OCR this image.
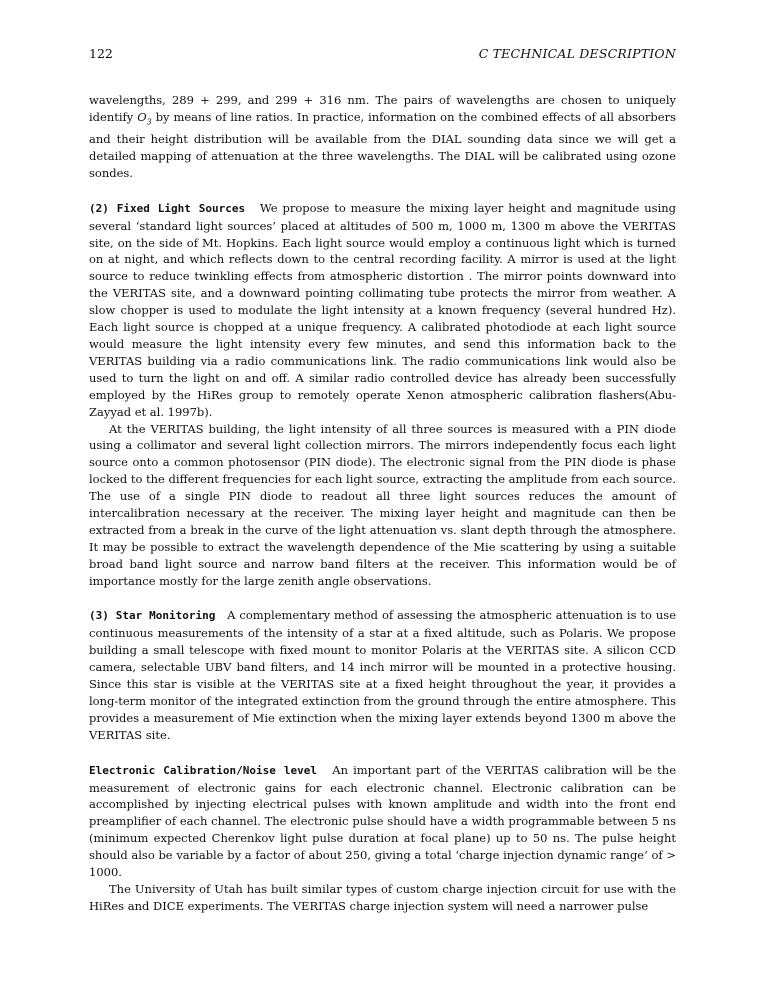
122	C TECHNICAL DESCRIPTION

wavelengths, 289 + 299, and 299 + 316 nm. The pairs of wavelengths are chosen to uniquely identify $O_3$ by means of line ratios. In practice, information on the combined effects of all absorbers and their height distribution will be available from the DIAL sounding data since we will get a detailed mapping of attenuation at the three wavelengths. The DIAL will be calibrated using ozone sondes.

(2) Fixed Light Sources We propose to measure the mixing layer height and magnitude using several ‘standard light sources’ placed at altitudes of 500 m, 1000 m, 1300 m above the VERITAS site, on the side of Mt. Hopkins. Each light source would employ a continuous light which is turned on at night, and which reflects down to the central recording facility. A mirror is used at the light source to reduce twinkling effects from atmospheric distortion . The mirror points downward into the VERITAS site, and a downward pointing collimating tube protects the mirror from weather. A slow chopper is used to modulate the light intensity at a known frequency (several hundred Hz). Each light source is chopped at a unique frequency. A calibrated photodiode at each light source would measure the light intensity every few minutes, and send this information back to the VERITAS building via a radio communications link. The radio communications link would also be used to turn the light on and off. A similar radio controlled device has already been successfully employed by the HiRes group to remotely operate Xenon atmospheric calibration flashers(Abu-Zayyad et al. 1997b).

At the VERITAS building, the light intensity of all three sources is measured with a PIN diode using a collimator and several light collection mirrors. The mirrors independently focus each light source onto a common photosensor (PIN diode). The electronic signal from the PIN diode is phase locked to the different frequencies for each light source, extracting the amplitude from each source. The use of a single PIN diode to readout all three light sources reduces the amount of intercalibration necessary at the receiver. The mixing layer height and magnitude can then be extracted from a break in the curve of the light attenuation vs. slant depth through the atmosphere. It may be possible to extract the wavelength dependence of the Mie scattering by using a suitable broad band light source and narrow band filters at the receiver. This information would be of importance mostly for the large zenith angle observations.

(3) Star Monitoring A complementary method of assessing the atmospheric attenuation is to use continuous measurements of the intensity of a star at a fixed altitude, such as Polaris. We propose building a small telescope with fixed mount to monitor Polaris at the VERITAS site. A silicon CCD camera, selectable UBV band filters, and 14 inch mirror will be mounted in a protective housing. Since this star is visible at the VERITAS site at a fixed height throughout the year, it provides a long-term monitor of the integrated extinction from the ground through the entire atmosphere. This provides a measurement of Mie extinction when the mixing layer extends beyond 1300 m above the VERITAS site.

Electronic Calibration/Noise level An important part of the VERITAS calibration will be the measurement of electronic gains for each electronic channel. Electronic calibration can be accomplished by injecting electrical pulses with known amplitude and width into the front end preamplifier of each channel. The electronic pulse should have a width programmable between 5 ns (minimum expected Cherenkov light pulse duration at focal plane) up to 50 ns. The pulse height should also be variable by a factor of about 250, giving a total ‘charge injection dynamic range’ of > 1000.

The University of Utah has built similar types of custom charge injection circuit for use with the HiRes and DICE experiments. The VERITAS charge injection system will need a narrower pulse
